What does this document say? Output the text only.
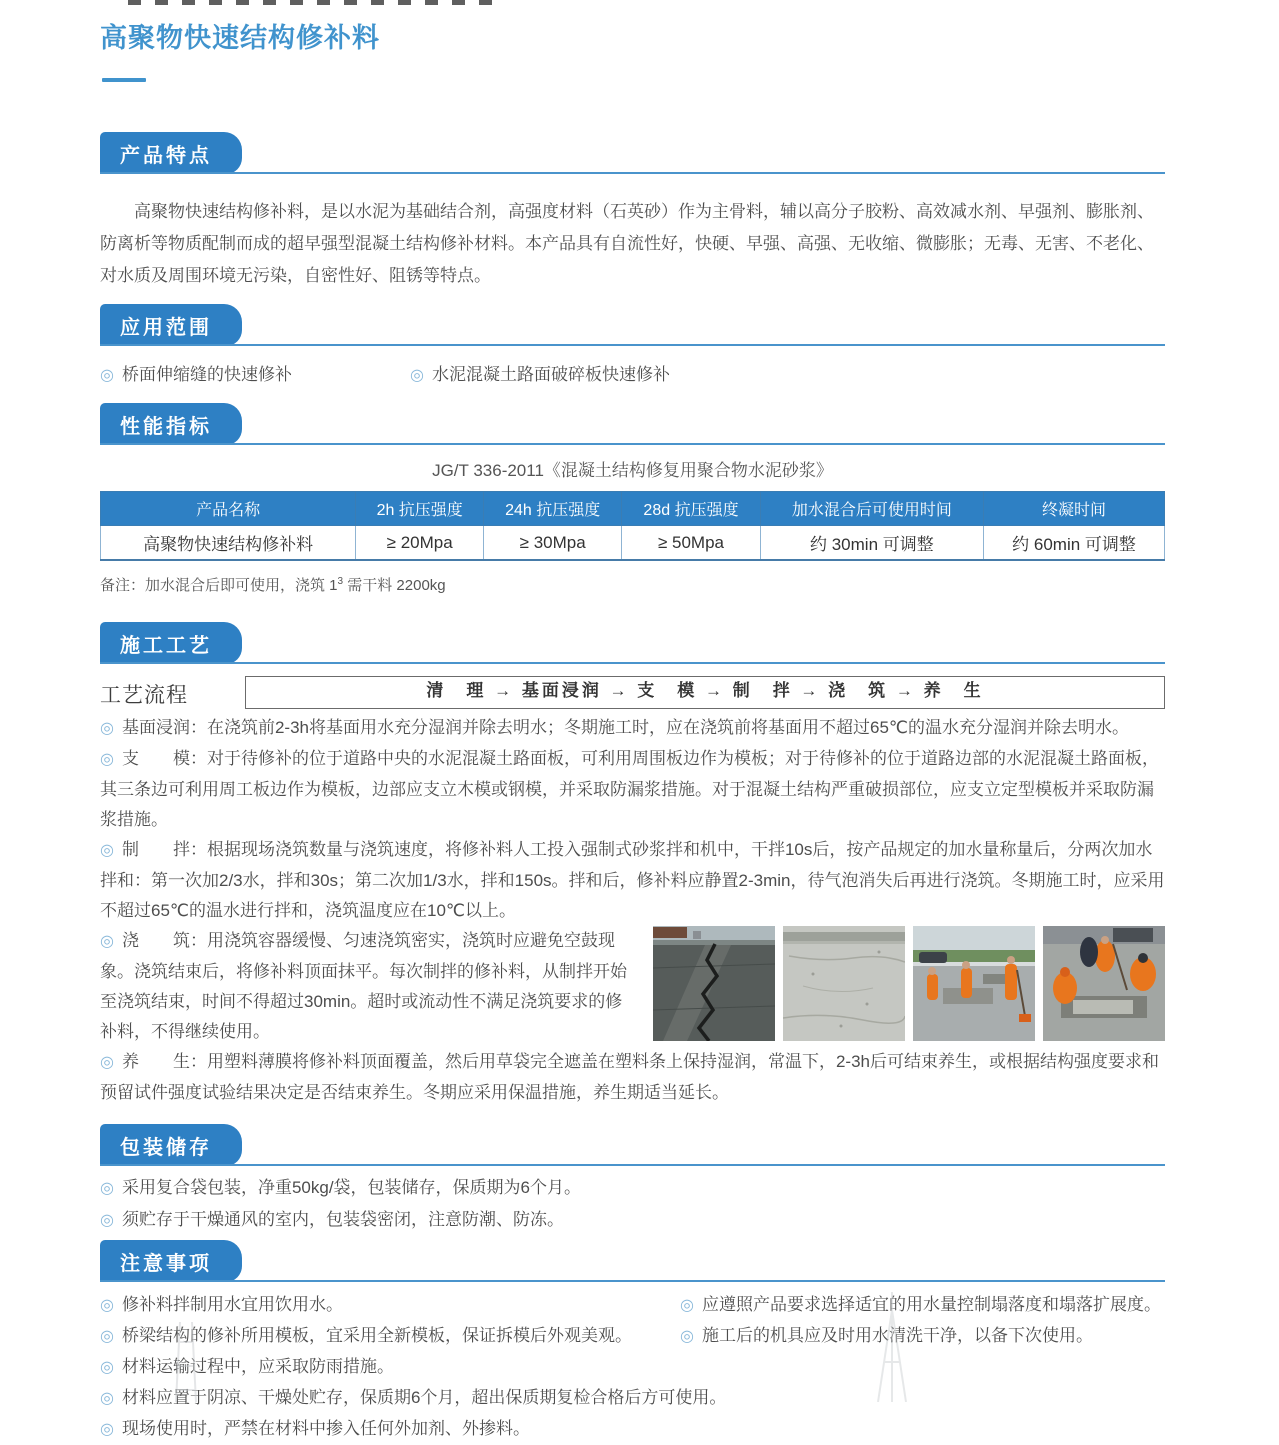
高聚物快速结构修补料
产品特点

高聚物快速结构修补料，是以水泥为基础结合剂，高强度材料（石英砂）作为主骨料，辅以高分子胶粉、高效减水剂、早强剂、膨胀剂、防离析等物质配制而成的超早强型混凝土结构修补材料。本产品具有自流性好，快硬、早强、高强、无收缩、微膨胀；无毒、无害、不老化、对水质及周围环境无污染，自密性好、阻锈等特点。

应用范围
◎ 桥面伸缩缝的快速修补	◎ 水泥混凝土路面破碎板快速修补
性能指标
JG/T 336-2011《混凝土结构修复用聚合物水泥砂浆》
产品名称	2h 抗压强度	24h 抗压强度	28d 抗压强度	加水混合后可使用时间	终凝时间
高聚物快速结构修补料	≥ 20Mpa	≥ 30Mpa	≥ 50Mpa	约 30min 可调整	约 60min 可调整
备注：加水混合后即可使用，浇筑 $1^3$ 需干料 2200kg
施工工艺
工艺流程	清　理 → 基面浸润 → 支　模 → 制　拌 → 浇　筑 → 养　生

◎ 基面浸润：在浇筑前2-3h将基面用水充分湿润并除去明水；冬期施工时，应在浇筑前将基面用不超过65℃的温水充分湿润并除去明水。

◎ 支　　模：对于待修补的位于道路中央的水泥混凝土路面板，可利用周围板边作为模板；对于待修补的位于道路边部的水泥混凝土路面板，其三条边可利用周工板边作为模板，边部应支立木模或钢模，并采取防漏浆措施。对于混凝土结构严重破损部位，应支立定型模板并采取防漏浆措施。

◎ 制　　拌：根据现场浇筑数量与浇筑速度，将修补料人工投入强制式砂浆拌和机中，干拌10s后，按产品规定的加水量称量后，分两次加水拌和：第一次加2/3水，拌和30s；第二次加1/3水，拌和150s。拌和后，修补料应静置2-3min，待气泡消失后再进行浇筑。冬期施工时，应采用不超过65℃的温水进行拌和，浇筑温度应在10℃以上。

◎ 浇　　筑：用浇筑容器缓慢、匀速浇筑密实，浇筑时应避免空鼓现象。浇筑结束后，将修补料顶面抹平。每次制拌的修补料，从制拌开始至浇筑结束，时间不得超过30min。超时或流动性不满足浇筑要求的修补料，不得继续使用。

◎ 养　　生：用塑料薄膜将修补料顶面覆盖，然后用草袋完全遮盖在塑料条上保持湿润，常温下，2-3h后可结束养生，或根据结构强度要求和预留试件强度试验结果决定是否结束养生。冬期应采用保温措施，养生期适当延长。

包装储存
◎ 采用复合袋包装，净重50kg/袋，包装储存，保质期为6个月。
◎ 须贮存于干燥通风的室内，包装袋密闭，注意防潮、防冻。
注意事项
◎ 修补料拌制用水宜用饮用水。	◎ 应遵照产品要求选择适宜的用水量控制塌落度和塌落扩展度。
◎ 桥梁结构的修补所用模板，宜采用全新模板，保证拆模后外观美观。	◎ 施工后的机具应及时用水清洗干净，以备下次使用。
◎ 材料运输过程中，应采取防雨措施。
◎ 材料应置于阴凉、干燥处贮存，保质期6个月，超出保质期复检合格后方可使用。
◎ 现场使用时，严禁在材料中掺入任何外加剂、外掺料。
